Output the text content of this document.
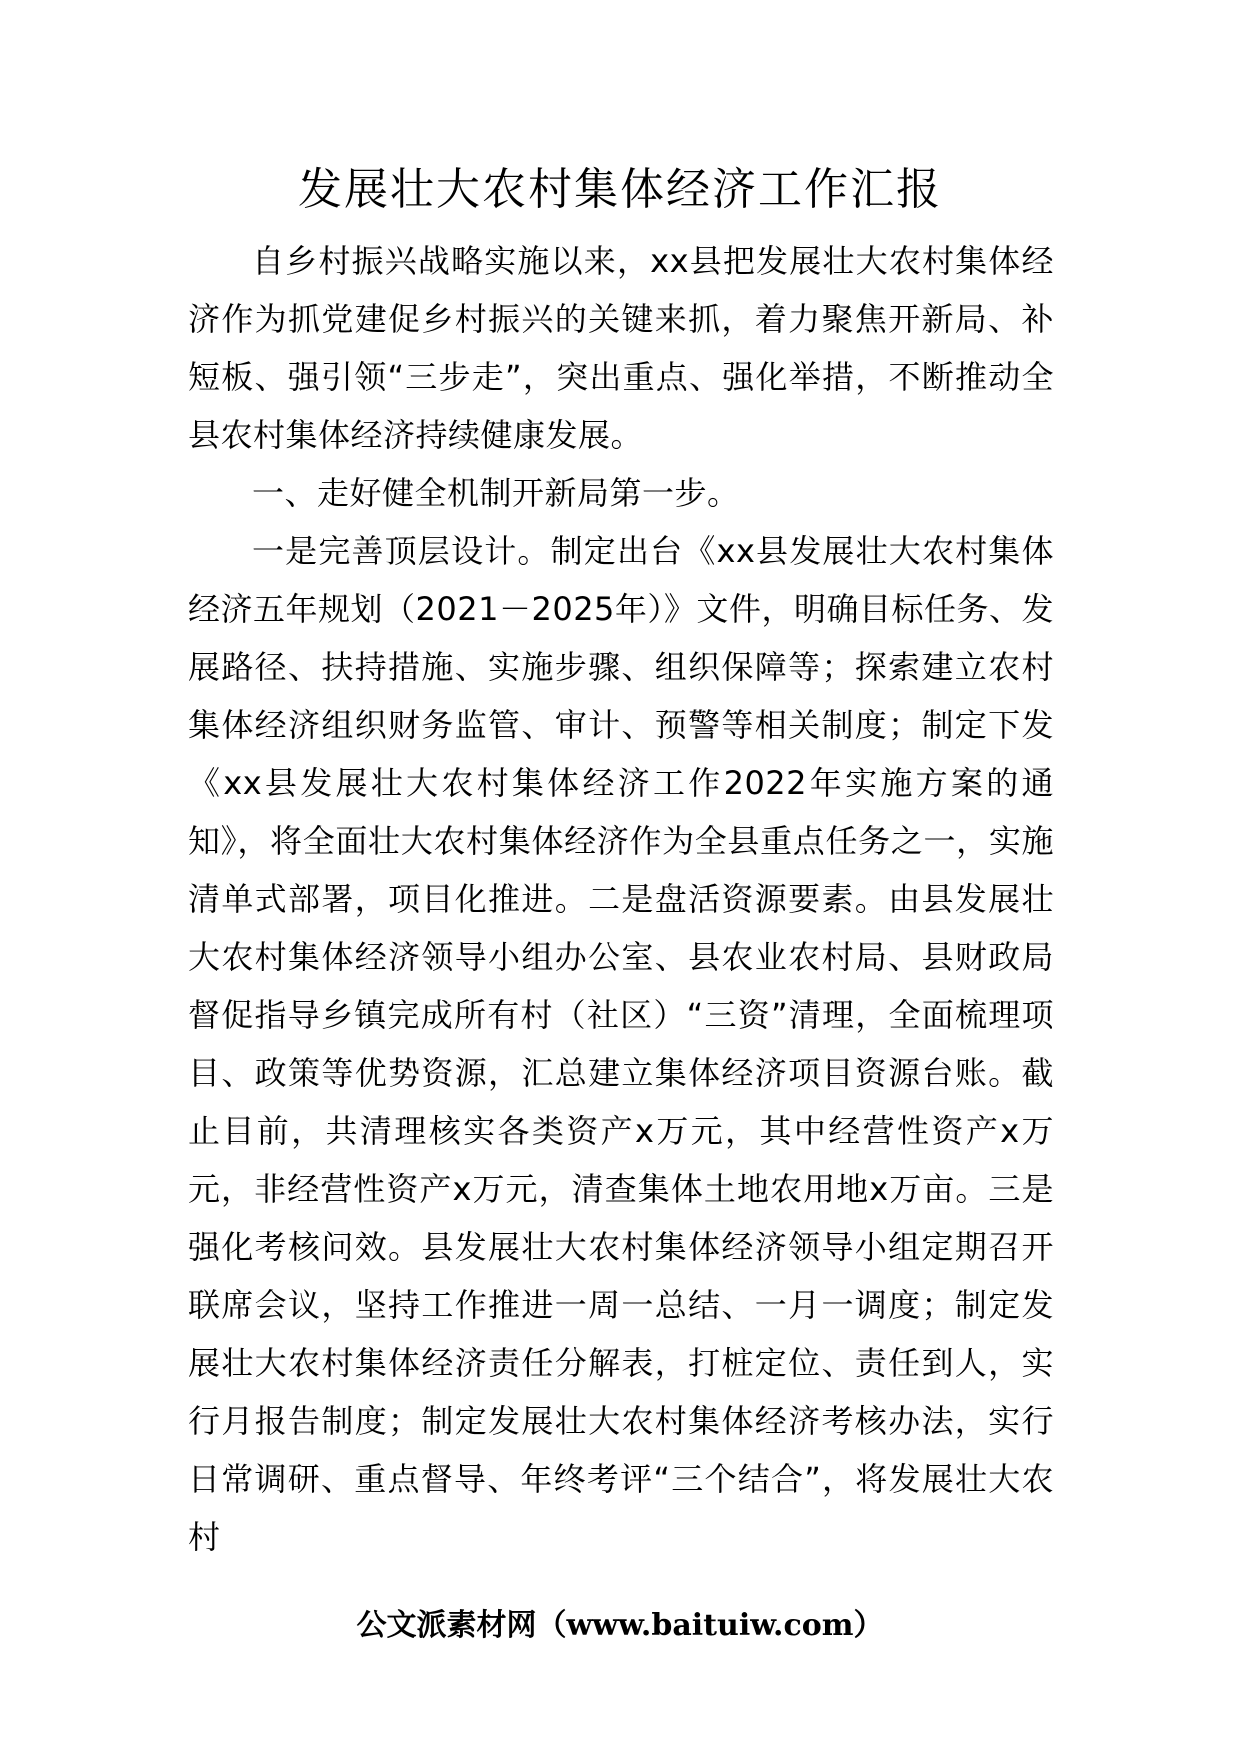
发展壮大农村集体经济工作汇报

自乡村振兴战略实施以来，xx县把发展壮大农村集体经济作为抓党建促乡村振兴的关键来抓，着力聚焦开新局、补短板、强引领“三步走”，突出重点、强化举措，不断推动全县农村集体经济持续健康发展。

一、走好健全机制开新局第一步。

一是完善顶层设计。制定出台《xx县发展壮大农村集体经济五年规划（2021－2025年）》文件，明确目标任务、发展路径、扶持措施、实施步骤、组织保障等；探索建立农村集体经济组织财务监管、审计、预警等相关制度；制定下发《xx县发展壮大农村集体经济工作2022年实施方案的通知》，将全面壮大农村集体经济作为全县重点任务之一，实施清单式部署，项目化推进。二是盘活资源要素。由县发展壮大农村集体经济领导小组办公室、县农业农村局、县财政局督促指导乡镇完成所有村（社区）“三资”清理，全面梳理项目、政策等优势资源，汇总建立集体经济项目资源台账。截止目前，共清理核实各类资产x万元，其中经营性资产x万元，非经营性资产x万元，清查集体土地农用地x万亩。三是强化考核问效。县发展壮大农村集体经济领导小组定期召开联席会议，坚持工作推进一周一总结、一月一调度；制定发展壮大农村集体经济责任分解表，打桩定位、责任到人，实行月报告制度；制定发展壮大农村集体经济考核办法，实行日常调研、重点督导、年终考评“三个结合”，将发展壮大农村

公文派素材网（www.baituiw.com）
